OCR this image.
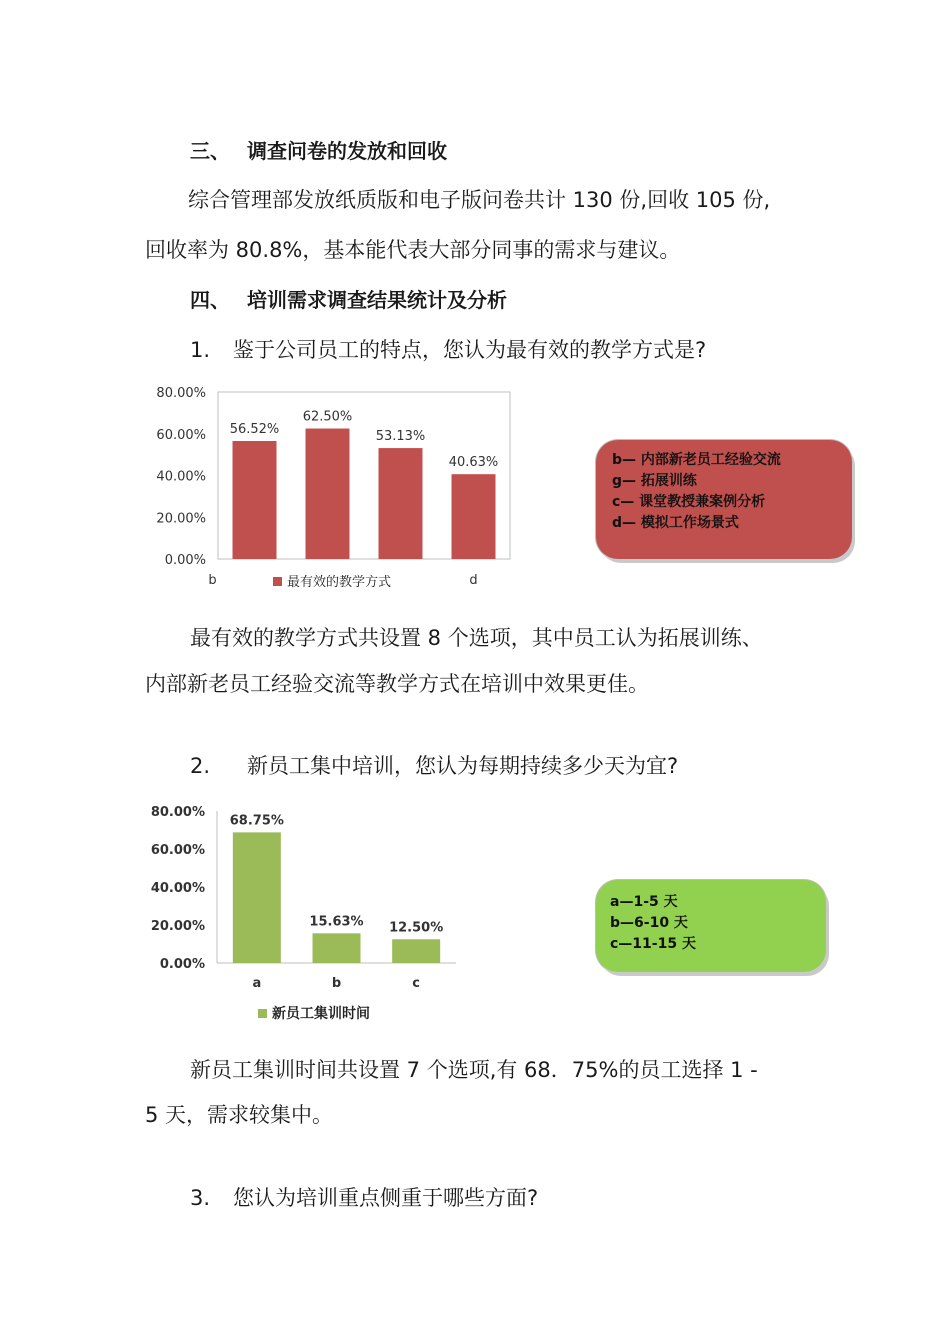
三、 调查问卷的发放和回收
综合管理部发放纸质版和电子版问卷共计 130 份,回收 105 份,
回收率为 80.8%，基本能代表大部分同事的需求与建议。
四、 培训需求调查结果统计及分析
1. 鉴于公司员工的特点，您认为最有效的教学方式是?
0.00%
20.00%
40.00%
60.00%
80.00%
56.52%
b
62.50%
53.13%
40.63%
d
最有效的教学方式
b— 内部新老员工经验交流
g— 拓展训练
c— 课堂教授兼案例分析
d— 模拟工作场景式
最有效的教学方式共设置 8 个选项，其中员工认为拓展训练、
内部新老员工经验交流等教学方式在培训中效果更佳。
2. 新员工集中培训，您认为每期持续多少天为宜?
0.00%
20.00%
40.00%
60.00%
80.00%
68.75%
a
15.63%
b
12.50%
c
新员工集训时间
a—1-5 天
b—6-10 天
c—11-15 天
新员工集训时间共设置 7 个选项,有 68．75%的员工选择 1 -
5 天，需求较集中。
3. 您认为培训重点侧重于哪些方面?
